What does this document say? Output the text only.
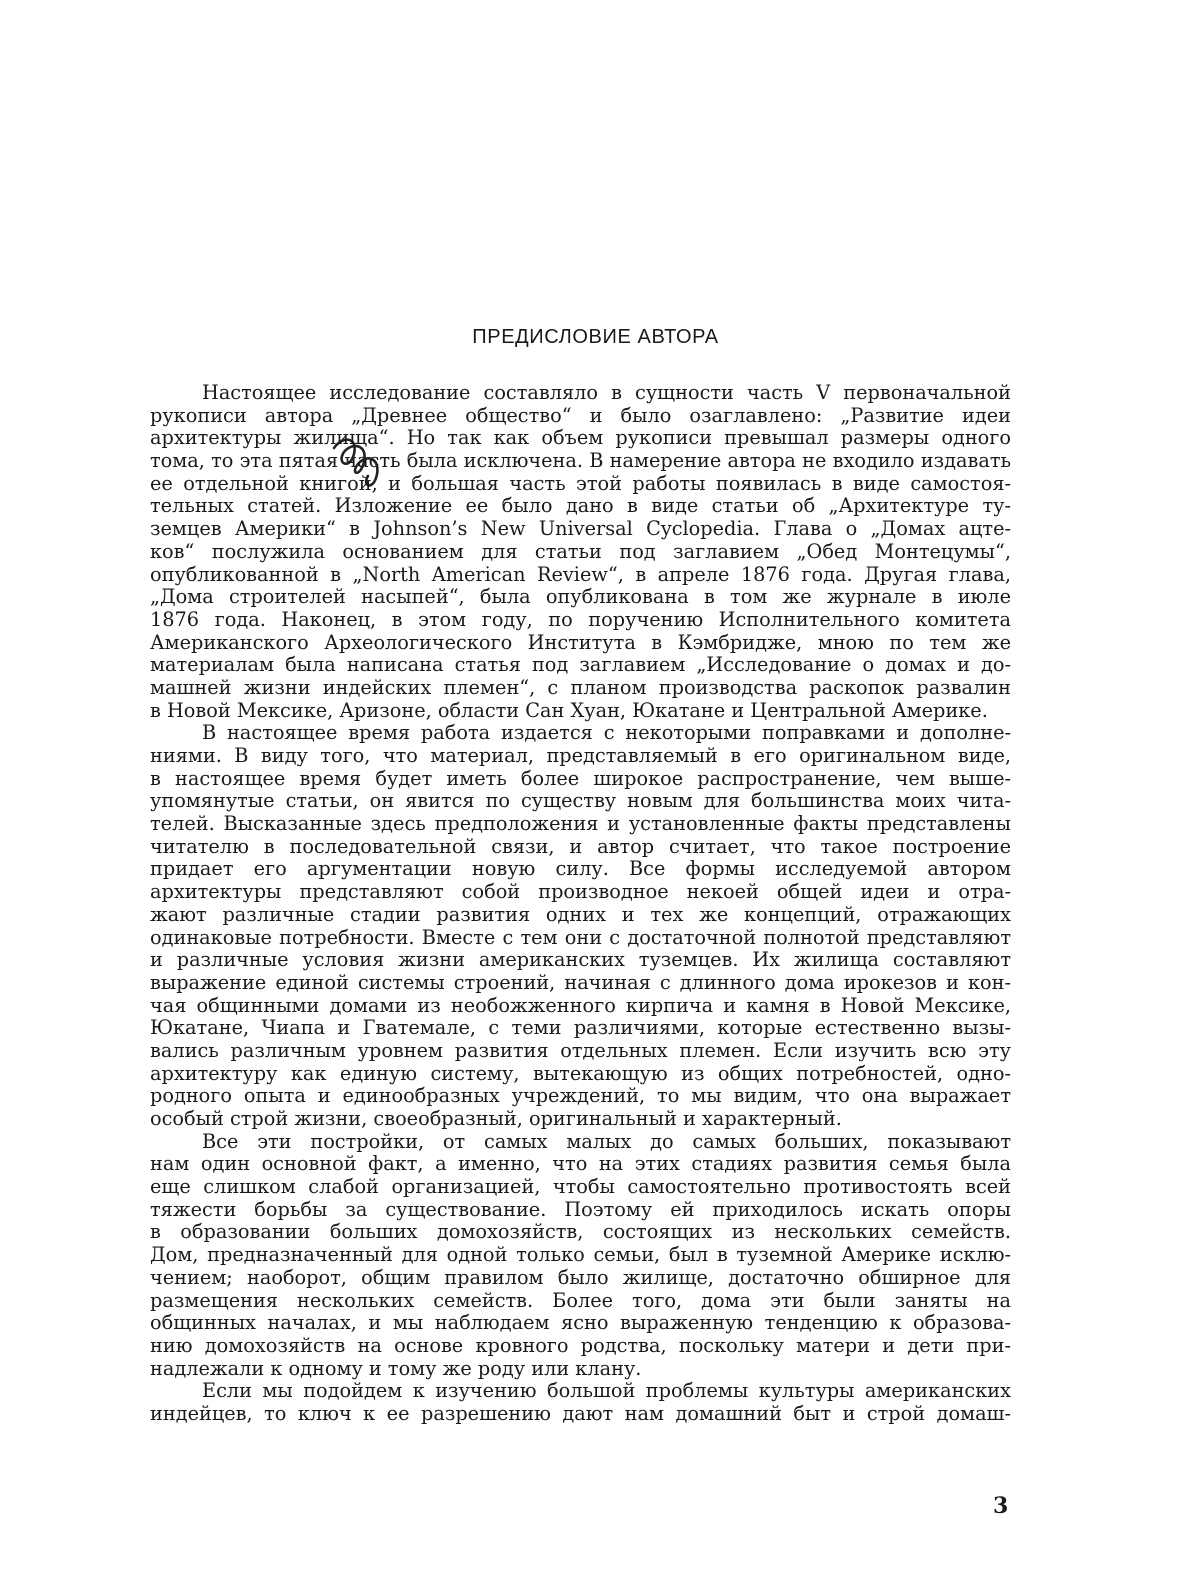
ПРЕДИСЛОВИЕ АВТОРА
Настоящее исследование составляло в сущности часть V первоначальной
рукописи автора „Древнее общество“ и было озаглавлено: „Развитие идеи
архитектуры жилища“. Но так как объем рукописи превышал размеры одного
тома, то эта пятая часть была исключена. В намерение автора не входило издавать
ее отдельной книгой, и большая часть этой работы появилась в виде самостоя-
тельных статей. Изложение ее было дано в виде статьи об „Архитектуре ту-
земцев Америки“ в Johnson’s New Universal Cyclopedia. Глава о „Домах ацте-
ков“ послужила основанием для статьи под заглавием „Обед Монтецумы“,
опубликованной в „North American Review“, в апреле 1876 года. Другая глава,
„Дома строителей насыпей“, была опубликована в том же журнале в июле
1876 года. Наконец, в этом году, по поручению Исполнительного комитета
Американского Археологического Института в Кэмбридже, мною по тем же
материалам была написана статья под заглавием „Исследование о домах и до-
машней жизни индейских племен“, с планом производства раскопок развалин
в Новой Мексике, Аризоне, области Сан Хуан, Юкатане и Центральной Америке.
В настоящее время работа издается с некоторыми поправками и дополне-
ниями. В виду того, что материал, представляемый в его оригинальном виде,
в настоящее время будет иметь более широкое распространение, чем выше-
упомянутые статьи, он явится по существу новым для большинства моих чита-
телей. Высказанные здесь предположения и установленные факты представлены
читателю в последовательной связи, и автор считает, что такое построение
придает его аргументации новую силу. Все формы исследуемой автором
архитектуры представляют собой производное некоей общей идеи и отра-
жают различные стадии развития одних и тех же концепций, отражающих
одинаковые потребности. Вместе с тем они с достаточной полнотой представляют
и различные условия жизни американских туземцев. Их жилища составляют
выражение единой системы строений, начиная с длинного дома ирокезов и кон-
чая общинными домами из необожженного кирпича и камня в Новой Мексике,
Юкатане, Чиапа и Гватемале, с теми различиями, которые естественно вызы-
вались различным уровнем развития отдельных племен. Если изучить всю эту
архитектуру как единую систему, вытекающую из общих потребностей, одно-
родного опыта и единообразных учреждений, то мы видим, что она выражает
особый строй жизни, своеобразный, оригинальный и характерный.
Все эти постройки, от самых малых до самых больших, показывают
нам один основной факт, а именно, что на этих стадиях развития семья была
еще слишком слабой организацией, чтобы самостоятельно противостоять всей
тяжести борьбы за существование. Поэтому ей приходилось искать опоры
в образовании больших домохозяйств, состоящих из нескольких семейств.
Дом, предназначенный для одной только семьи, был в туземной Америке исклю-
чением; наоборот, общим правилом было жилище, достаточно обширное для
размещения нескольких семейств. Более того, дома эти были заняты на
общинных началах, и мы наблюдаем ясно выраженную тенденцию к образова-
нию домохозяйств на основе кровного родства, поскольку матери и дети при-
надлежали к одному и тому же роду или клану.
Если мы подойдем к изучению большой проблемы культуры американских
индейцев, то ключ к ее разрешению дают нам домашний быт и строй домаш-
3
